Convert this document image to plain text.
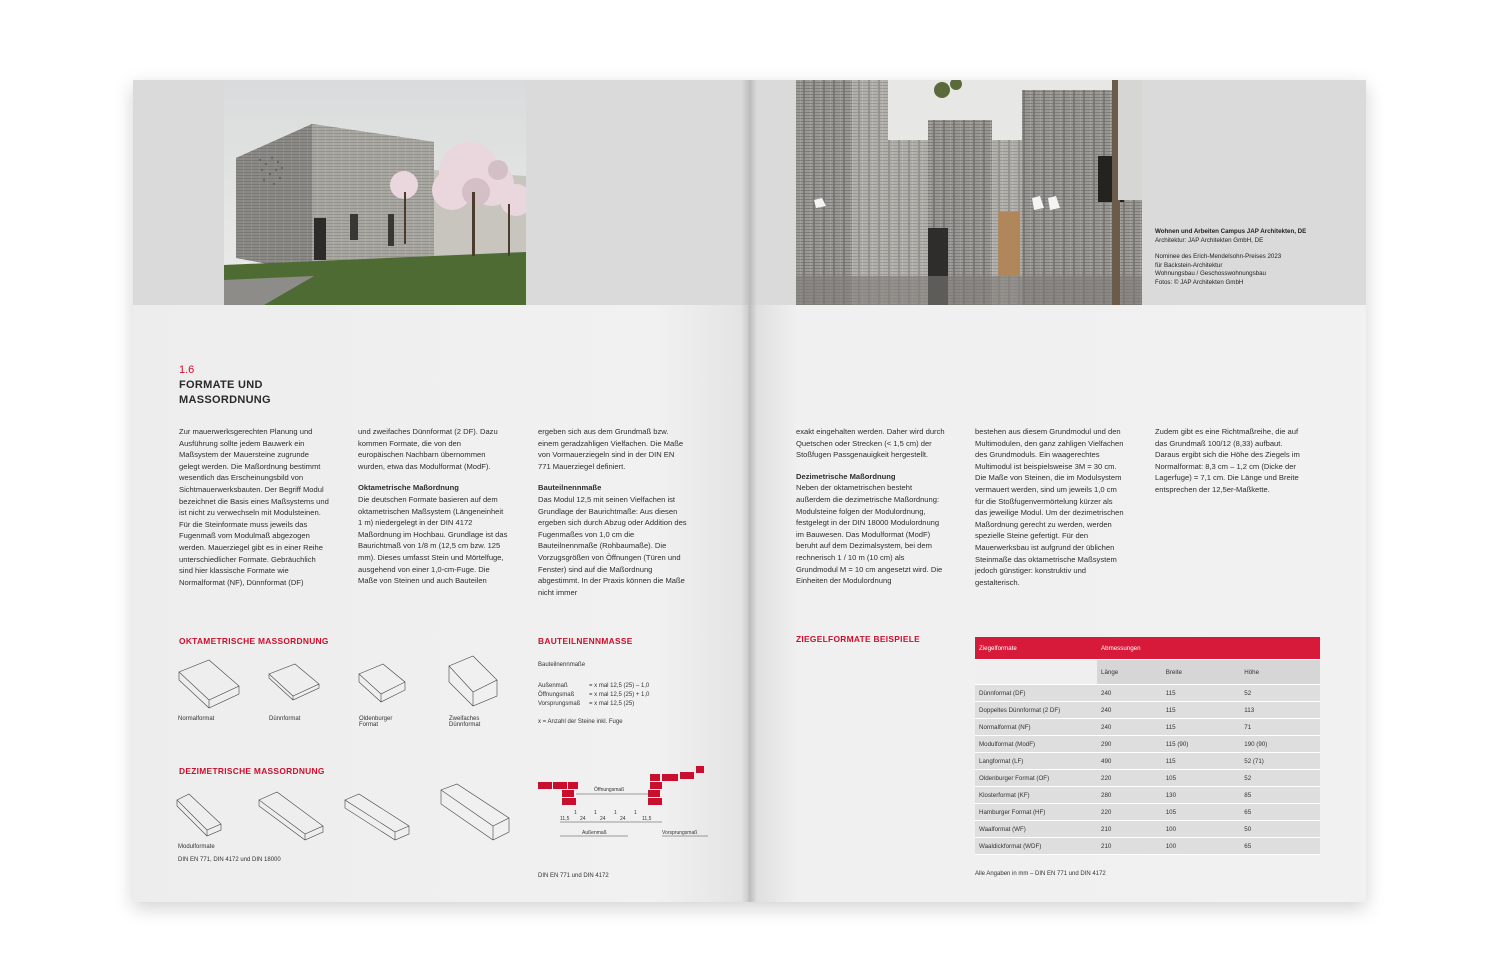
1.6
FORMATE UND
MASSORDNUNG

Zur mauerwerksgerechten Planung und Ausführung sollte jedem Bauwerk ein Maßsystem der Mauersteine zugrunde gelegt werden. Die Maßordnung bestimmt wesentlich das Erscheinungsbild von Sichtmauerwerksbauten. Der Begriff Modul bezeichnet die Basis eines Maßsystems und ist nicht zu verwechseln mit Modulsteinen. Für die Steinformate muss jeweils das Fugenmaß vom Modulmaß abgezogen werden. Mauerziegel gibt es in einer Reihe unterschiedlicher Formate. Gebräuchlich sind hier klassische Formate wie Normalformat (NF), Dünnformat (DF)

und zweifaches Dünnformat (2 DF). Dazu kommen Formate, die von den europäischen Nachbarn übernommen wurden, etwa das Modulformat (ModF).

Oktametrische Maßordnung

Die deutschen Formate basieren auf dem oktametrischen Maßsystem (Längeneinheit 1 m) niedergelegt in der DIN 4172 Maßordnung im Hochbau. Grundlage ist das Baurichtmaß von 1/8 m (12,5 cm bzw. 125 mm). Dieses umfasst Stein und Mörtelfuge, ausgehend von einer 1,0-cm-Fuge. Die Maße von Steinen und auch Bauteilen

ergeben sich aus dem Grundmaß bzw. einem geradzahligen Vielfachen. Die Maße von Vormauerziegeln sind in der DIN EN 771 Mauerziegel definiert.

Bauteilnennmaße

Das Modul 12,5 mit seinen Vielfachen ist Grundlage der Baurichtmaße: Aus diesen ergeben sich durch Abzug oder Addition des Fugenmaßes von 1,0 cm die Bauteilnennmaße (Rohbaumaße). Die Vorzugsgrößen von Öffnungen (Türen und Fenster) sind auf die Maßordnung abgestimmt. In der Praxis können die Maße nicht immer

OKTAMETRISCHE MASSORDNUNG
Normalformat	Dünnformat	Oldenburger Format
Zweifaches Dünnformat
DEZIMETRISCHE MASSORDNUNG
Modulformate
DIN EN 771, DIN 4172 und DIN 18000
BAUTEILNENNMASSE
Bauteilnennmaße
Außenmaß	= x mal 12,5 (25) – 1,0
Öffnungsmaß = x mal 12,5 (25) + 1,0
Vorsprungsmaß = x mal 12,5 (25)
x = Anzahl der Steine inkl. Fuge
Öffnungsmaß
11,5
1
24
1
24
1
24
1
11,5
Außenmaß	Vorsprungsmaß
DIN EN 771 und DIN 4172

Wohnen und Arbeiten Campus JAP Architekten, DE

Architektur: JAP Architekten GmbH, DE

Nominee des Erich-Mendelsohn-Preises 2023

für Backstein-Architektur

Wohnungsbau / Geschosswohnungsbau

Fotos: © JAP Architekten GmbH

exakt eingehalten werden. Daher wird durch Quetschen oder Strecken (< 1,5 cm) der Stoßfugen Passgenauigkeit hergestellt.

Dezimetrische Maßordnung

Neben der oktametrischen besteht außerdem die dezimetrische Maßordnung: Modulsteine folgen der Modulordnung, festgelegt in der DIN 18000 Modulordnung im Bauwesen. Das Modulformat (ModF) beruht auf dem Dezimalsystem, bei dem rechnerisch 1 / 10 m (10 cm) als Grundmodul M = 10 cm angesetzt wird. Die Einheiten der Modulordnung

bestehen aus diesem Grundmodul und den Multimodulen, den ganz zahligen Vielfachen des Grundmoduls. Ein waagerechtes Multimodul ist beispielsweise 3M = 30 cm. Die Maße von Steinen, die im Modulsystem vermauert werden, sind um jeweils 1,0 cm für die Stoßfugenvermörtelung kürzer als das jeweilige Modul. Um der dezimetrischen Maßordnung gerecht zu werden, werden spezielle Steine gefertigt. Für den Mauerwerksbau ist aufgrund der üblichen Steinmaße das oktametrische Maßsystem jedoch günstiger: konstruktiv und gestalterisch.

Zudem gibt es eine Richtmaßreihe, die auf das Grundmaß 100/12 (8,33) aufbaut. Daraus ergibt sich die Höhe des Ziegels im Normalformat: 8,3 cm – 1,2 cm (Dicke der Lagerfuge) = 7,1 cm. Die Länge und Breite entsprechen der 12,5er-Maßkette.

ZIEGELFORMATE BEISPIELE
Ziegelformate	Abmessungen		
	Länge	Breite	Höhe
Dünnformat (DF)	240	115	52
Doppeltes Dünnformat (2 DF)	240	115	113
Normalformat (NF)	240	115	71
Modulformat (ModF)	290	115 (90)	190 (90)
Langformat (LF)	490	115	52 (71)
Oldenburger Format (OF)	220	105	52
Klosterformat (KF)	280	130	85
Hamburger Format (HF)	220	105	65
Waalformat (WF)	210	100	50
Waaldickformat (WDF)	210	100	65
Alle Angaben in mm – DIN EN 771 und DIN 4172
